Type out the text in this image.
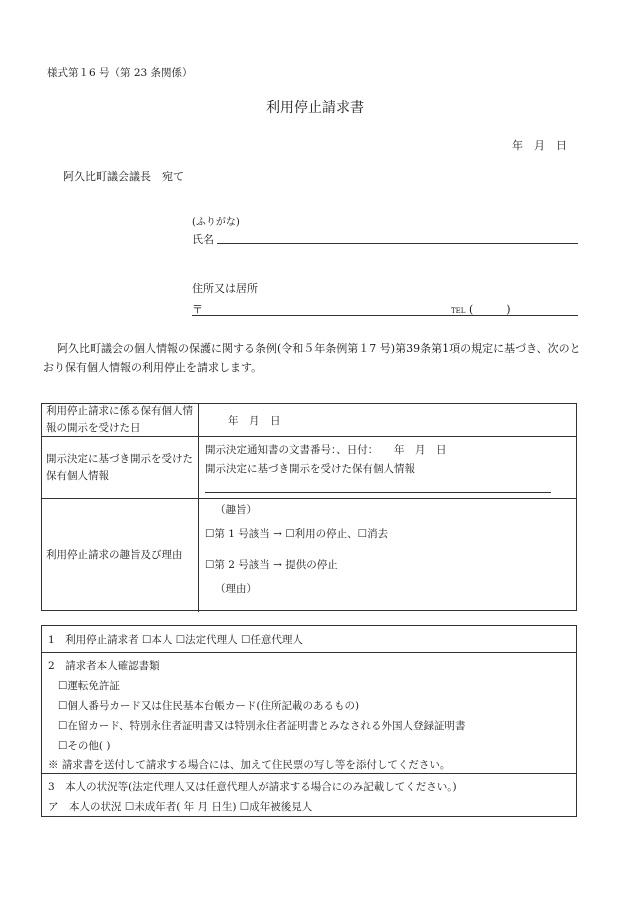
様式第１6 号（第 23 条関係）
利用停止請求書
年　月　日
阿久比町議会議長　宛て
(ふりがな)
氏名
住所又は居所
〒	TEL (　　　)
阿久比町議会の個人情報の保護に関する条例(令和５年条例第１7 号)第39条第1項の規定に基づき、次のとおり保有個人情報の利用停止を請求します。
利用停止請求に係る保有個人情報の開示を受けた日
年　月　日
開示決定に基づき開示を受けた保有個人情報
開示決定通知書の文書番号：、日付：　　年　月　日
開示決定に基づき開示を受けた保有個人情報
利用停止請求の趣旨及び理由
（趣旨）
☐第 1 号該当 → ☐利用の停止、☐消去
☐第 2 号該当 → 提供の停止
（理由）
1　利用停止請求者 ☐本人 ☐法定代理人 ☐任意代理人
2　請求者本人確認書類
☐運転免許証
☐個人番号カード又は住民基本台帳カード(住所記載のあるもの)
☐在留カード、特別永住者証明書又は特別永住者証明書とみなされる外国人登録証明書
☐その他( )
※ 請求書を送付して請求する場合には、加えて住民票の写し等を添付してください。
3　本人の状況等(法定代理人又は任意代理人が請求する場合にのみ記載してください。)
ア　本人の状況 ☐未成年者( 年 月 日生) ☐成年被後見人
